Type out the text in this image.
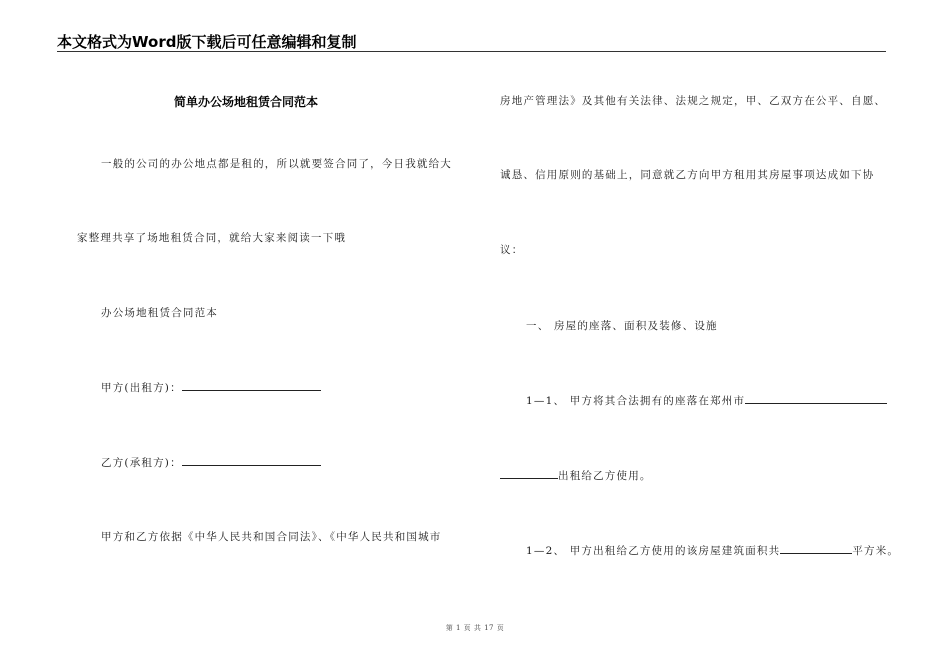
本文格式为Word版下载后可任意编辑和复制
简单办公场地租赁合同范本
一般的公司的办公地点都是租的，所以就要签合同了，今日我就给大
家整理共享了场地租赁合同，就给大家来阅读一下哦
办公场地租赁合同范本
甲方(出租方)：
乙方(承租方)：
甲方和乙方依据《中华人民共和国合同法》、《中华人民共和国城市
房地产管理法》及其他有关法律、法规之规定，甲、乙双方在公平、自愿、
诚恳、信用原则的基础上，同意就乙方向甲方租用其房屋事项达成如下协
议：
一、 房屋的座落、面积及装修、设施
1—1、 甲方将其合法拥有的座落在郑州市
出租给乙方使用。
1—2、 甲方出租给乙方使用的该房屋建筑面积共	平方米。
第 1 页 共 17 页
